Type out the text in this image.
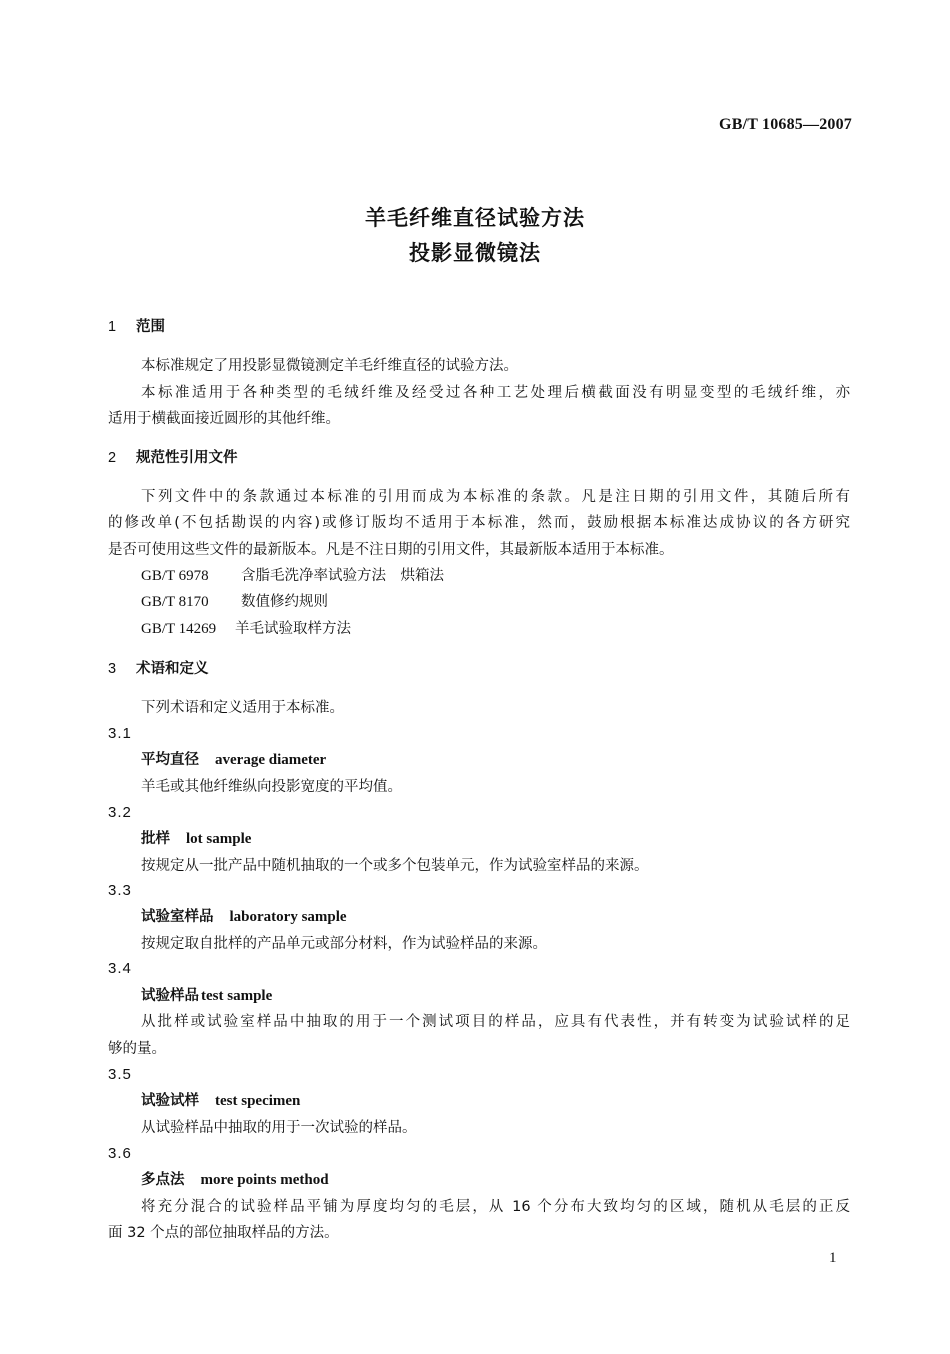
GB/T 10685—2007
羊毛纤维直径试验方法
投影显微镜法
1 范围
本标准规定了用投影显微镜测定羊毛纤维直径的试验方法。
本标准适用于各种类型的毛绒纤维及经受过各种工艺处理后横截面没有明显变型的毛绒纤维，亦
适用于横截面接近圆形的其他纤维。
2 规范性引用文件
下列文件中的条款通过本标准的引用而成为本标准的条款。凡是注日期的引用文件，其随后所有
的修改单(不包括勘误的内容)或修订版均不适用于本标准，然而，鼓励根据本标准达成协议的各方研究
是否可使用这些文件的最新版本。凡是不注日期的引用文件，其最新版本适用于本标准。
GB/T 6978 含脂毛洗净率试验方法　烘箱法
GB/T 8170 数值修约规则
GB/T 14269 羊毛试验取样方法
3 术语和定义
下列术语和定义适用于本标准。
3.1
平均直径 average diameter
羊毛或其他纤维纵向投影宽度的平均值。
3.2
批样 lot sample
按规定从一批产品中随机抽取的一个或多个包装单元，作为试验室样品的来源。
3.3
试验室样品 laboratory sample
按规定取自批样的产品单元或部分材料，作为试验样品的来源。
3.4
试验样品 test sample
从批样或试验室样品中抽取的用于一个测试项目的样品，应具有代表性，并有转变为试验试样的足
够的量。
3.5
试验试样 test specimen
从试验样品中抽取的用于一次试验的样品。
3.6
多点法 more points method
将充分混合的试验样品平铺为厚度均匀的毛层，从 16 个分布大致均匀的区域，随机从毛层的正反
面 32 个点的部位抽取样品的方法。
1
